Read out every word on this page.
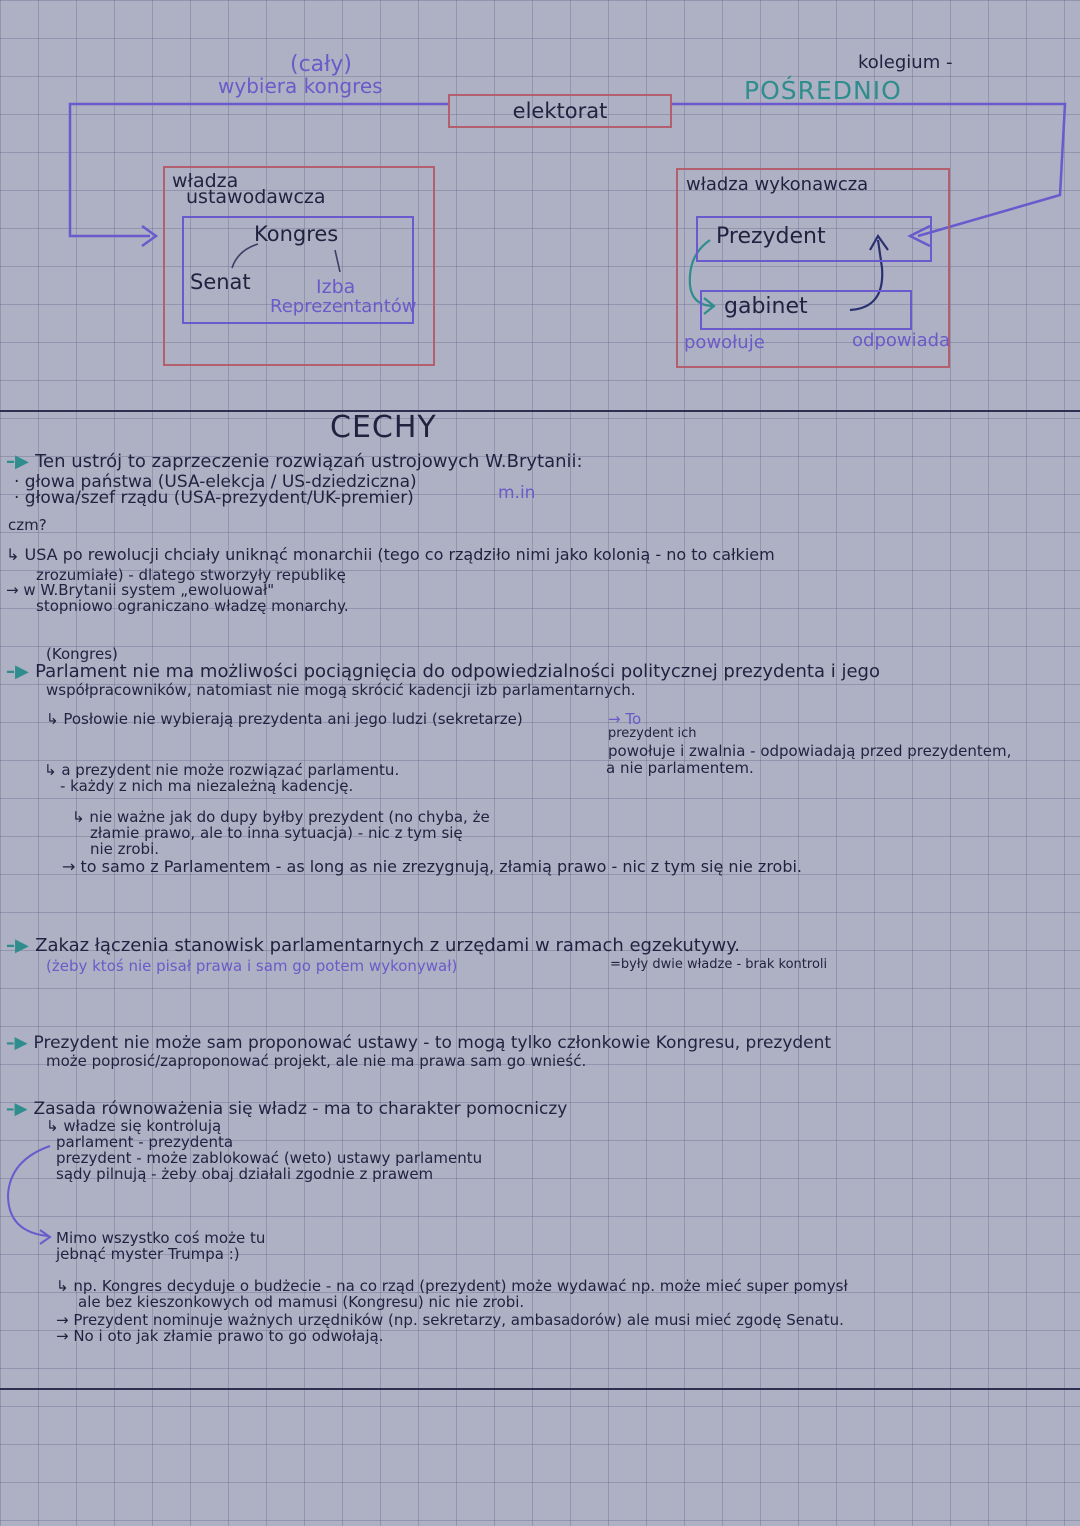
(cały)
wybiera kongres
elektorat
kolegium -
POŚREDNIO
władza
ustawodawcza
Kongres
Senat	Izba
Reprezentantów
władza wykonawcza
Prezydent
gabinet
powołuje	odpowiada
CECHY
–▶ Ten ustrój to zaprzeczenie rozwiązań ustrojowych W.Brytanii:
· głowa państwa (USA-elekcja / US-dziedziczna)
· głowa/szef rządu (USA-prezydent/UK-premier)	m.in
czm?
↳ USA po rewolucji chciały uniknąć monarchii (tego co rządziło nimi jako kolonią - no to całkiem
zrozumiałe) - dlatego stworzyły republikę
→ w W.Brytanii system „ewoluował"
stopniowo ograniczano władzę monarchy.
(Kongres)
–▶ Parlament nie ma możliwości pociągnięcia do odpowiedzialności politycznej prezydenta i jego
współpracowników, natomiast nie mogą skrócić kadencji izb parlamentarnych.
↳ Posłowie nie wybierają prezydenta ani jego ludzi (sekretarze)	→ To
prezydent ich
powołuje i zwalnia - odpowiadają przed prezydentem,
a nie parlamentem.
↳ a prezydent nie może rozwiązać parlamentu.
- każdy z nich ma niezależną kadencję.
↳ nie ważne jak do dupy byłby prezydent (no chyba, że
złamie prawo, ale to inna sytuacja) - nic z tym się
nie zrobi.
→ to samo z Parlamentem - as long as nie zrezygnują, złamią prawo - nic z tym się nie zrobi.
–▶ Zakaz łączenia stanowisk parlamentarnych z urzędami w ramach egzekutywy.
(żeby ktoś nie pisał prawa i sam go potem wykonywał)	=były dwie władze - brak kontroli
–▶ Prezydent nie może sam proponować ustawy - to mogą tylko członkowie Kongresu, prezydent
może poprosić/zaproponować projekt, ale nie ma prawa sam go wnieść.
–▶ Zasada równoważenia się władz - ma to charakter pomocniczy
↳ władze się kontrolują
parlament - prezydenta
prezydent - może zablokować (weto) ustawy parlamentu
sądy pilnują - żeby obaj działali zgodnie z prawem
Mimo wszystko coś może tu
jebnąć myster Trumpa :)
↳ np. Kongres decyduje o budżecie - na co rząd (prezydent) może wydawać np. może mieć super pomysł
ale bez kieszonkowych od mamusi (Kongresu) nic nie zrobi.
→ Prezydent nominuje ważnych urzędników (np. sekretarzy, ambasadorów) ale musi mieć zgodę Senatu.
→ No i oto jak złamie prawo to go odwołają.
